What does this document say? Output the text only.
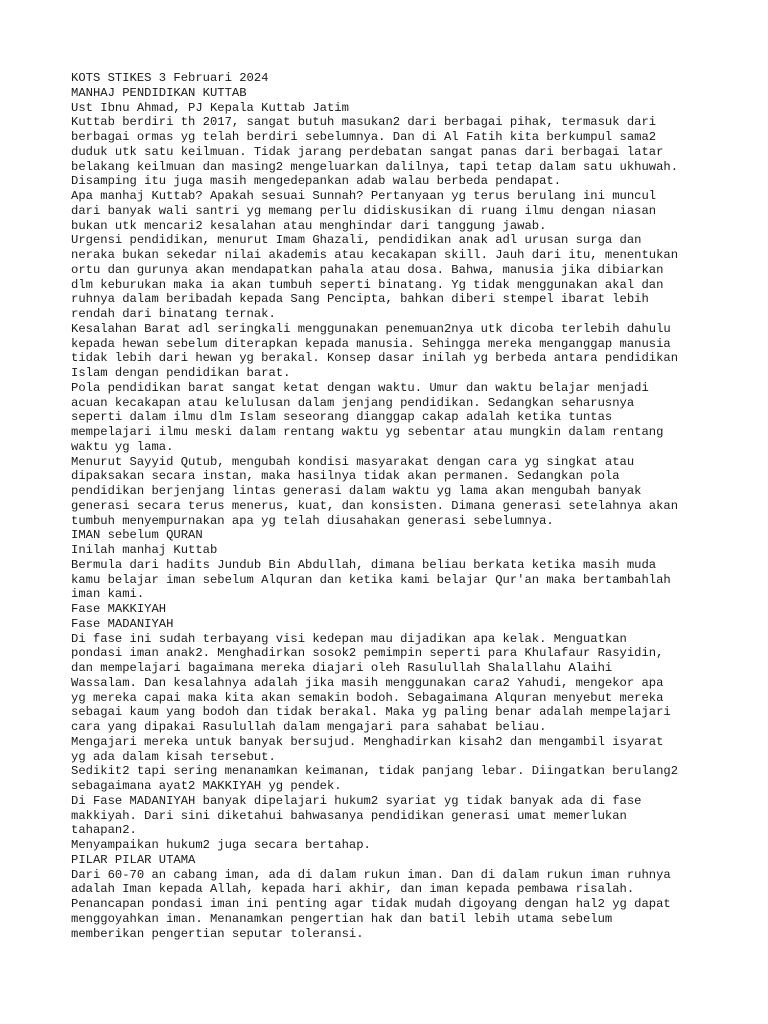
KOTS STIKES 3 Februari 2024

MANHAJ PENDIDIKAN KUTTAB

Ust Ibnu Ahmad, PJ Kepala Kuttab Jatim

Kuttab berdiri th 2017, sangat butuh masukan2 dari berbagai pihak, termasuk dari
berbagai ormas yg telah berdiri sebelumnya. Dan di Al Fatih kita berkumpul sama2
duduk utk satu keilmuan. Tidak jarang perdebatan sangat panas dari berbagai latar
belakang keilmuan dan masing2 mengeluarkan dalilnya, tapi tetap dalam satu ukhuwah.
Disamping itu juga masih mengedepankan adab walau berbeda pendapat.

Apa manhaj Kuttab? Apakah sesuai Sunnah? Pertanyaan yg terus berulang ini muncul
dari banyak wali santri yg memang perlu didiskusikan di ruang ilmu dengan niasan
bukan utk mencari2 kesalahan atau menghindar dari tanggung jawab.

Urgensi pendidikan, menurut Imam Ghazali, pendidikan anak adl urusan surga dan
neraka bukan sekedar nilai akademis atau kecakapan skill. Jauh dari itu, menentukan
ortu dan gurunya akan mendapatkan pahala atau dosa. Bahwa, manusia jika dibiarkan
dlm keburukan maka ia akan tumbuh seperti binatang. Yg tidak menggunakan akal dan
ruhnya dalam beribadah kepada Sang Pencipta, bahkan diberi stempel ibarat lebih
rendah dari binatang ternak.

Kesalahan Barat adl seringkali menggunakan penemuan2nya utk dicoba terlebih dahulu
kepada hewan sebelum diterapkan kepada manusia. Sehingga mereka menganggap manusia
tidak lebih dari hewan yg berakal. Konsep dasar inilah yg berbeda antara pendidikan
Islam dengan pendidikan barat.

Pola pendidikan barat sangat ketat dengan waktu. Umur dan waktu belajar menjadi
acuan kecakapan atau kelulusan dalam jenjang pendidikan. Sedangkan seharusnya
seperti dalam ilmu dlm Islam seseorang dianggap cakap adalah ketika tuntas
mempelajari ilmu meski dalam rentang waktu yg sebentar atau mungkin dalam rentang
waktu yg lama.

Menurut Sayyid Qutub, mengubah kondisi masyarakat dengan cara yg singkat atau
dipaksakan secara instan, maka hasilnya tidak akan permanen. Sedangkan pola
pendidikan berjenjang lintas generasi dalam waktu yg lama akan mengubah banyak
generasi secara terus menerus, kuat, dan konsisten. Dimana generasi setelahnya akan
tumbuh menyempurnakan apa yg telah diusahakan generasi sebelumnya.

IMAN sebelum QURAN

Inilah manhaj Kuttab

Bermula dari hadits Jundub Bin Abdullah, dimana beliau berkata ketika masih muda
kamu belajar iman sebelum Alquran dan ketika kami belajar Qur'an maka bertambahlah
iman kami.

Fase MAKKIYAH

Fase MADANIYAH

Di fase ini sudah terbayang visi kedepan mau dijadikan apa kelak. Menguatkan
pondasi iman anak2. Menghadirkan sosok2 pemimpin seperti para Khulafaur Rasyidin,
dan mempelajari bagaimana mereka diajari oleh Rasulullah Shalallahu Alaihi
Wassalam. Dan kesalahnya adalah jika masih menggunakan cara2 Yahudi, mengekor apa
yg mereka capai maka kita akan semakin bodoh. Sebagaimana Alquran menyebut mereka
sebagai kaum yang bodoh dan tidak berakal. Maka yg paling benar adalah mempelajari
cara yang dipakai Rasulullah dalam mengajari para sahabat beliau.

Mengajari mereka untuk banyak bersujud. Menghadirkan kisah2 dan mengambil isyarat
yg ada dalam kisah tersebut.

Sedikit2 tapi sering menanamkan keimanan, tidak panjang lebar. Diingatkan berulang2
sebagaimana ayat2 MAKKIYAH yg pendek.

Di Fase MADANIYAH banyak dipelajari hukum2 syariat yg tidak banyak ada di fase
makkiyah. Dari sini diketahui bahwasanya pendidikan generasi umat memerlukan
tahapan2.

Menyampaikan hukum2 juga secara bertahap.

PILAR PILAR UTAMA

Dari 60-70 an cabang iman, ada di dalam rukun iman. Dan di dalam rukun iman ruhnya
adalah Iman kepada Allah, kepada hari akhir, dan iman kepada pembawa risalah.
Penancapan pondasi iman ini penting agar tidak mudah digoyang dengan hal2 yg dapat
menggoyahkan iman. Menanamkan pengertian hak dan batil lebih utama sebelum
memberikan pengertian seputar toleransi.
